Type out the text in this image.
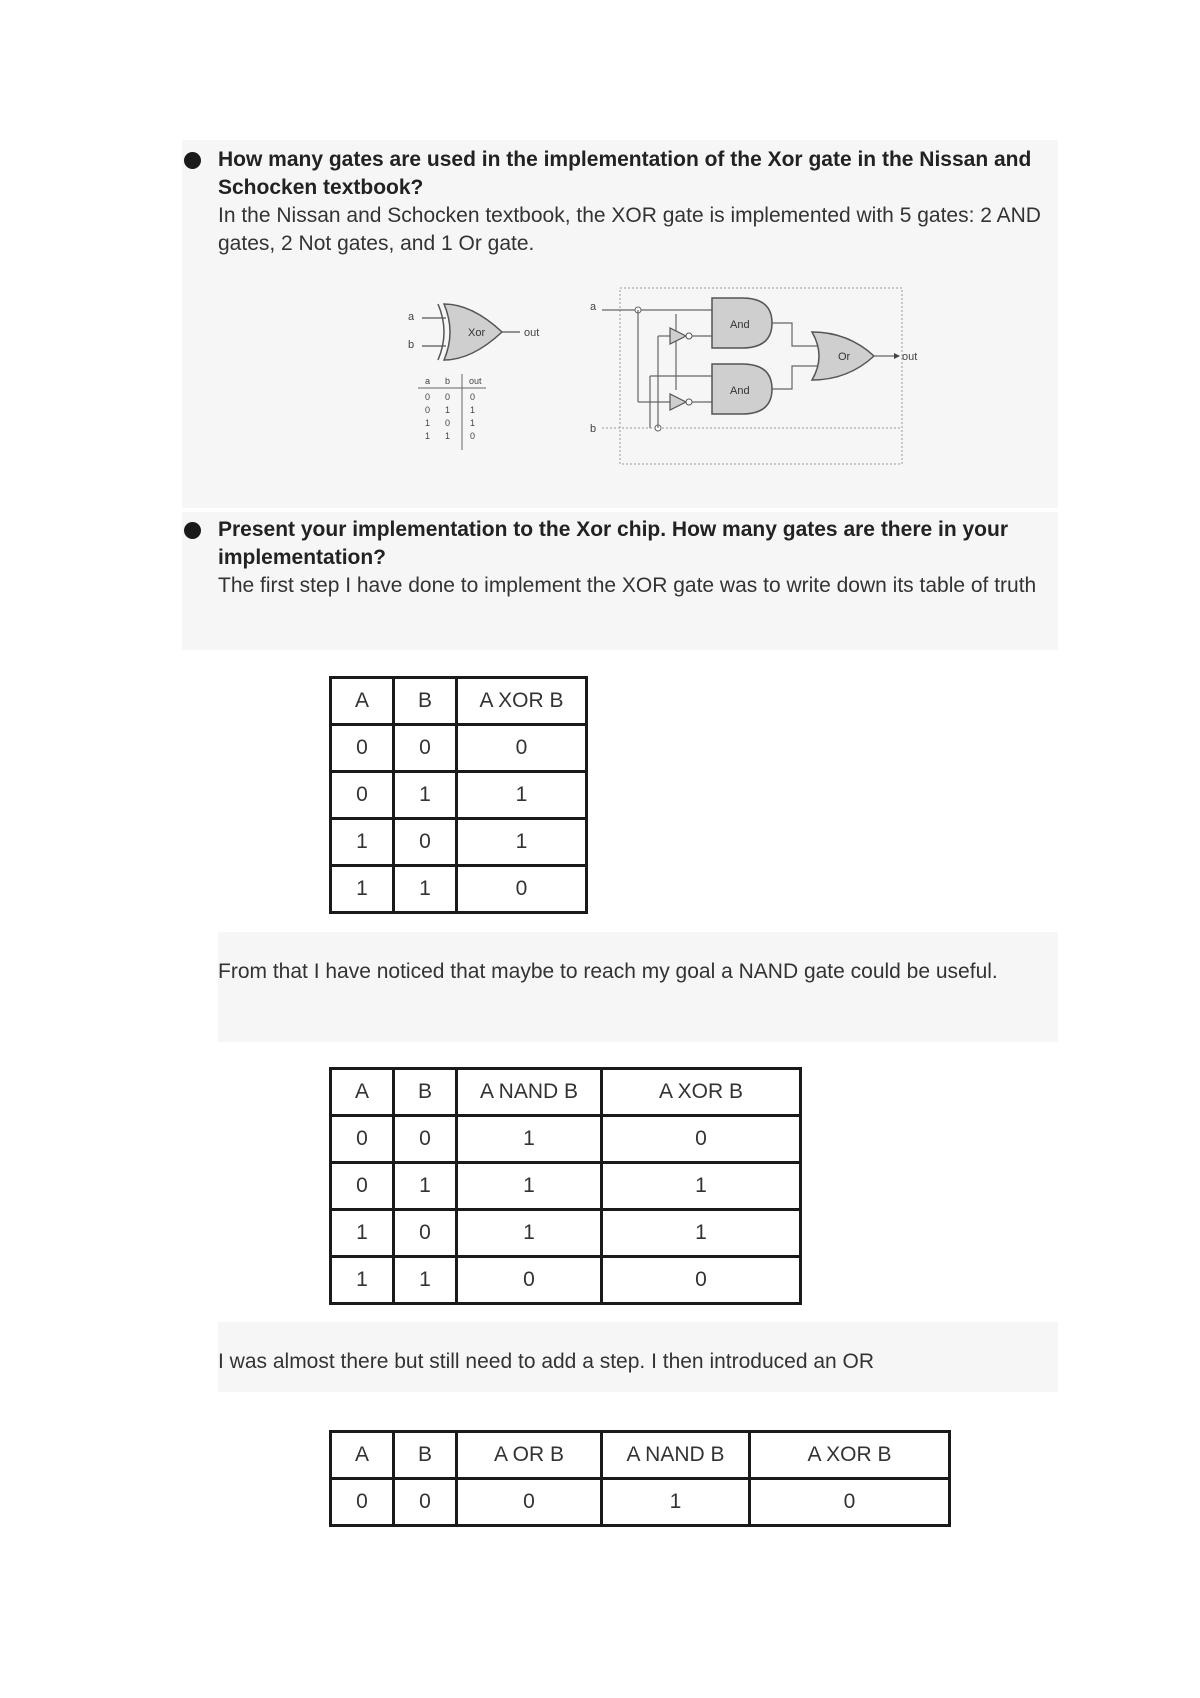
How many gates are used in the implementation of the Xor gate in the Nissan and Schocken textbook?
In the Nissan and Schocken textbook, the XOR gate is implemented with 5 gates: 2 AND gates, 2 Not gates, and 1 Or gate.
a
b
Xor	out
a b out
0 0 0
0 1 1
1 0 1
1 1 0
a
b
And
And
Or	out
Present your implementation to the Xor chip. How many gates are there in your implementation?
The first step I have done to implement the XOR gate was to write down its table of truth
A	B	A XOR B
0	0	0
0	1	1
1	0	1
1	1	0
From that I have noticed that maybe to reach my goal a NAND gate could be useful.
A	B	A NAND B	A XOR B
0	0	1	0
0	1	1	1
1	0	1	1
1	1	0	0
I was almost there but still need to add a step. I then introduced an OR
A	B	A OR B	A NAND B	A XOR B
0	0	0	1	0
